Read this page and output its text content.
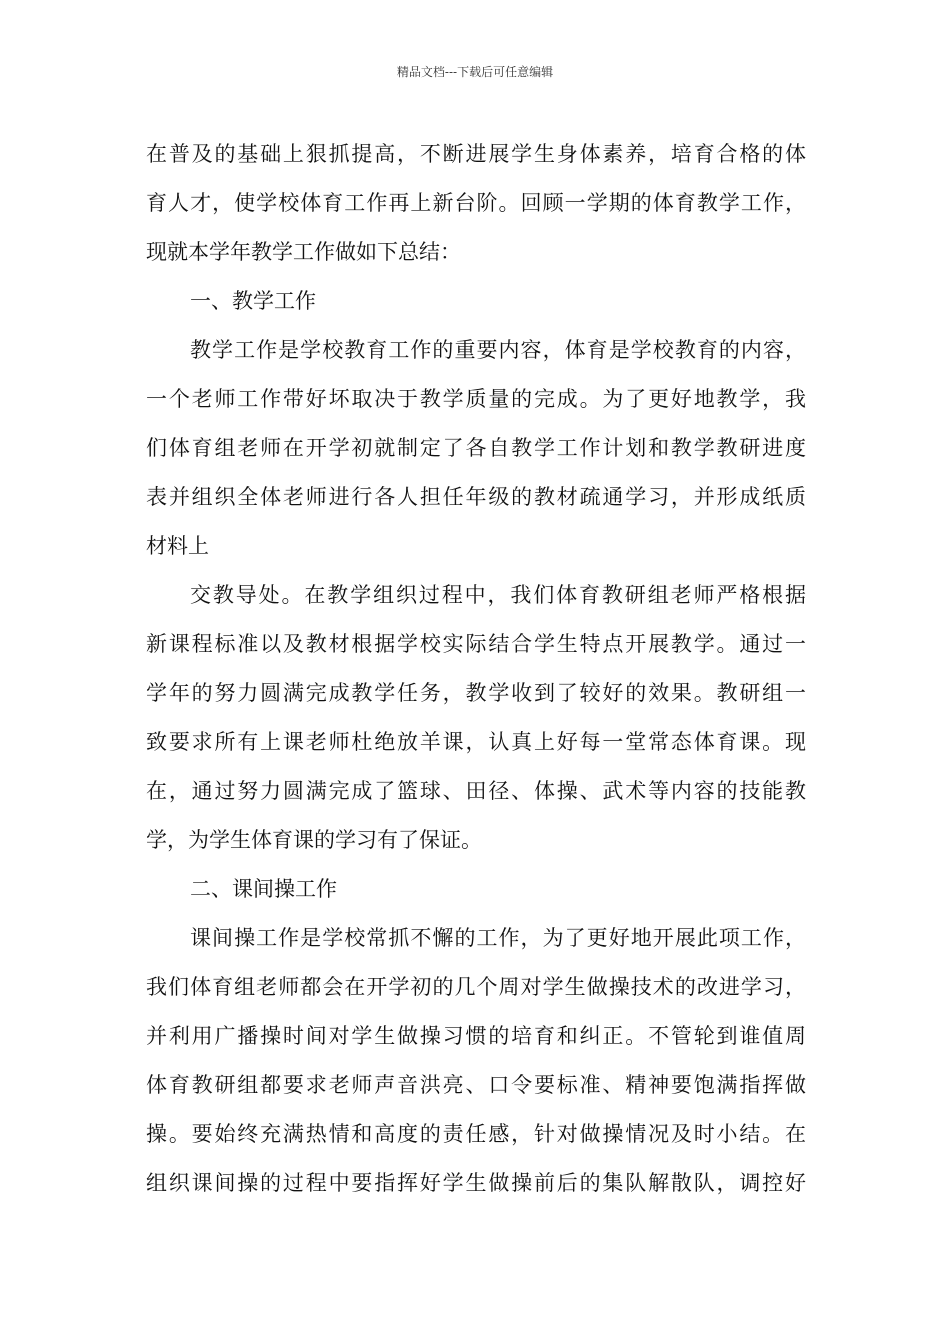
精品文档---下载后可任意编辑
在普及的基础上狠抓提高，不断进展学生身体素养，培育合格的体
育人才，使学校体育工作再上新台阶。回顾一学期的体育教学工作，
现就本学年教学工作做如下总结：
一、教学工作
教学工作是学校教育工作的重要内容，体育是学校教育的内容，
一个老师工作带好坏取决于教学质量的完成。为了更好地教学，我
们体育组老师在开学初就制定了各自教学工作计划和教学教研进度
表并组织全体老师进行各人担任年级的教材疏通学习，并形成纸质
材料上
交教导处。在教学组织过程中，我们体育教研组老师严格根据
新课程标准以及教材根据学校实际结合学生特点开展教学。通过一
学年的努力圆满完成教学任务，教学收到了较好的效果。教研组一
致要求所有上课老师杜绝放羊课，认真上好每一堂常态体育课。现
在，通过努力圆满完成了篮球、田径、体操、武术等内容的技能教
学，为学生体育课的学习有了保证。
二、课间操工作
课间操工作是学校常抓不懈的工作，为了更好地开展此项工作，
我们体育组老师都会在开学初的几个周对学生做操技术的改进学习，
并利用广播操时间对学生做操习惯的培育和纠正。不管轮到谁值周
体育教研组都要求老师声音洪亮、口令要标准、精神要饱满指挥做
操。要始终充满热情和高度的责任感，针对做操情况及时小结。在
组织课间操的过程中要指挥好学生做操前后的集队解散队，调控好
